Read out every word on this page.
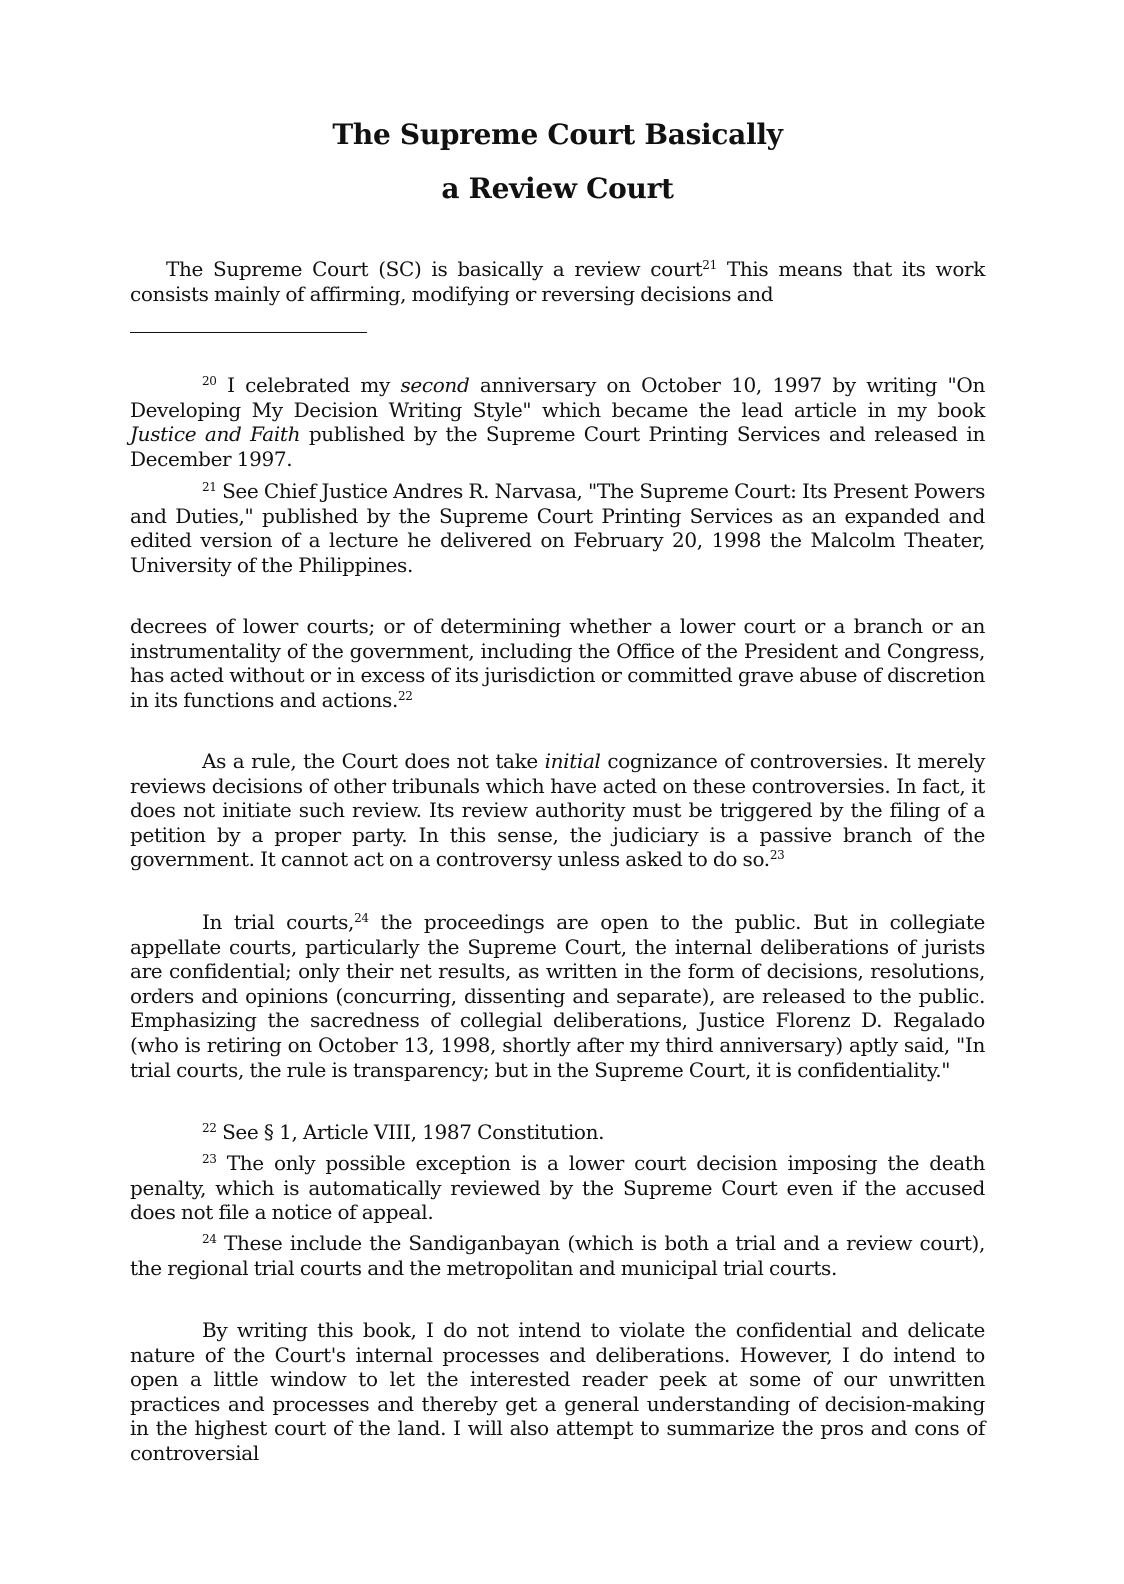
The Supreme Court Basically
a Review Court

The Supreme Court (SC) is basically a review court$^{21}$ This means that its work consists mainly of affirming, modifying or reversing decisions and

$^{20}$ I celebrated my second anniversary on October 10, 1997 by writing "On Developing My Decision Writing Style" which became the lead article in my book Justice and Faith published by the Supreme Court Printing Services and released in December 1997.

$^{21}$ See Chief Justice Andres R. Narvasa, "The Supreme Court: Its Present Powers and Duties," published by the Supreme Court Printing Services as an expanded and edited version of a lecture he delivered on February 20, 1998 the Malcolm Theater, University of the Philippines.

decrees of lower courts; or of determining whether a lower court or a branch or an instrumentality of the government, including the Office of the President and Congress, has acted without or in excess of its jurisdiction or committed grave abuse of discretion in its functions and actions.$^{22}$

As a rule, the Court does not take initial cognizance of controversies. It merely reviews decisions of other tribunals which have acted on these controversies. In fact, it does not initiate such review. Its review authority must be triggered by the filing of a petition by a proper party. In this sense, the judiciary is a passive branch of the government. It cannot act on a controversy unless asked to do so.$^{23}$

In trial courts,$^{24}$ the proceedings are open to the public. But in collegiate appellate courts, particularly the Supreme Court, the internal deliberations of jurists are confidential; only their net results, as written in the form of decisions, resolutions, orders and opinions (concurring, dissenting and separate), are released to the public. Emphasizing the sacredness of collegial deliberations, Justice Florenz D. Regalado (who is retiring on October 13, 1998, shortly after my third anniversary) aptly said, "In trial courts, the rule is transparency; but in the Supreme Court, it is confidentiality."

$^{22}$ See § 1, Article VIII, 1987 Constitution.

$^{23}$ The only possible exception is a lower court decision imposing the death penalty, which is automatically reviewed by the Supreme Court even if the accused does not file a notice of appeal.

$^{24}$ These include the Sandiganbayan (which is both a trial and a review court), the regional trial courts and the metropolitan and municipal trial courts.

By writing this book, I do not intend to violate the confidential and delicate nature of the Court's internal processes and deliberations. However, I do intend to open a little window to let the interested reader peek at some of our unwritten practices and processes and thereby get a general understanding of decision-making in the highest court of the land. I will also attempt to summarize the pros and cons of controversial
